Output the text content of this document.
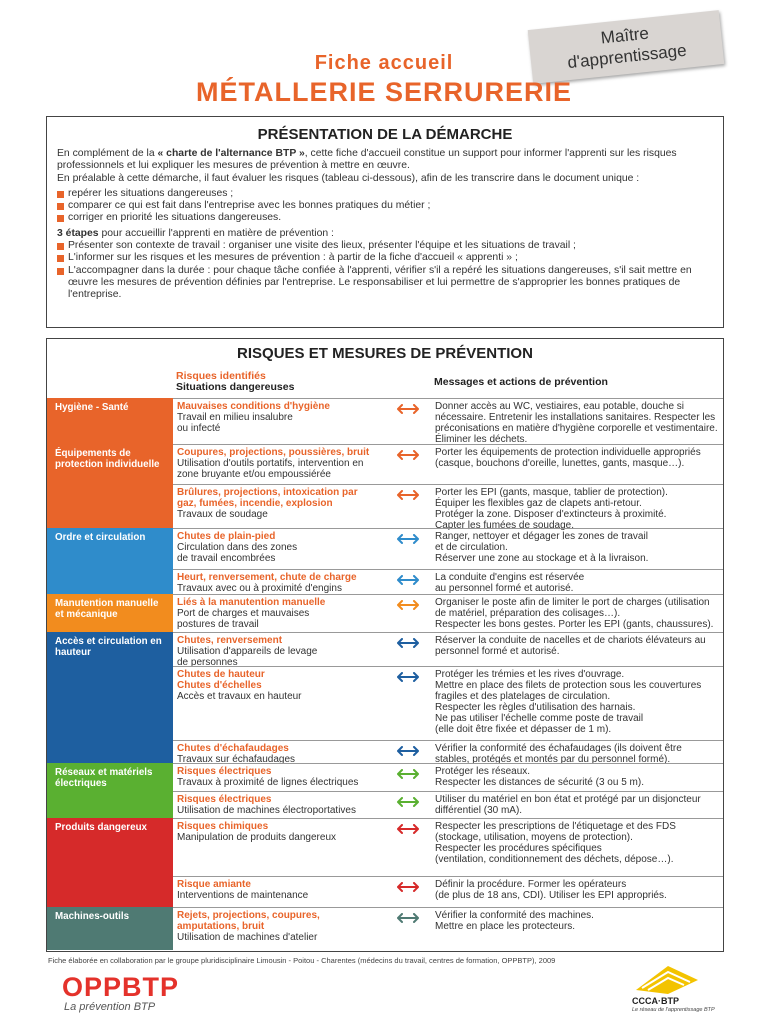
Maître
d'apprentissage
Fiche accueil
MÉTALLERIE SERRURERIE
PRÉSENTATION DE LA DÉMARCHE
En complément de la « charte de l'alternance BTP », cette fiche d'accueil constitue un support pour informer l'apprenti sur les risques professionnels et lui expliquer les mesures de prévention à mettre en œuvre.
En préalable à cette démarche, il faut évaluer les risques (tableau ci-dessous), afin de les transcrire dans le document unique :
repérer les situations dangereuses ;
comparer ce qui est fait dans l'entreprise avec les bonnes pratiques du métier ;
corriger en priorité les situations dangereuses.
3 étapes pour accueillir l'apprenti en matière de prévention :
Présenter son contexte de travail : organiser une visite des lieux, présenter l'équipe et les situations de travail ;
L'informer sur les risques et les mesures de prévention : à partir de la fiche d'accueil « apprenti » ;
L'accompagner dans la durée : pour chaque tâche confiée à l'apprenti, vérifier s'il a repéré les situations dangereuses, s'il sait mettre en œuvre les mesures de prévention définies par l'entreprise. Le responsabiliser et lui permettre de s'approprier les bonnes pratiques de l'entreprise.
RISQUES ET MESURES DE PRÉVENTION
Risques identifiés
Situations dangereuses	Messages et actions de prévention
Hygiène - Santé
Équipements de protection individuelle
Ordre et circulation
Manutention manuelle et mécanique
Accès et circulation en hauteur
Réseaux et matériels électriques
Produits dangereux
Machines-outils
Mauvaises conditions d'hygiène
Travail en milieu insalubre
ou infecté
Donner accès au WC, vestiaires, eau potable, douche si nécessaire. Entretenir les installations sanitaires. Respecter les préconisations en matière d'hygiène corporelle et vestimentaire. Éliminer les déchets.
Coupures, projections, poussières, bruit
Utilisation d'outils portatifs, intervention en zone bruyante et/ou empoussiérée
Porter les équipements de protection individuelle appropriés (casque, bouchons d'oreille, lunettes, gants, masque…).
Brûlures, projections, intoxication par gaz, fumées, incendie, explosion
Travaux de soudage
Porter les EPI (gants, masque, tablier de protection).
Équiper les flexibles gaz de clapets anti-retour.
Protéger la zone. Disposer d'extincteurs à proximité.
Capter les fumées de soudage.
Chutes de plain-pied
Circulation dans des zones
de travail encombrées
Ranger, nettoyer et dégager les zones de travail
et de circulation.
Réserver une zone au stockage et à la livraison.
Heurt, renversement, chute de charge
Travaux avec ou à proximité d'engins
La conduite d'engins est réservée
au personnel formé et autorisé.
Liés à la manutention manuelle
Port de charges et mauvaises
postures de travail
Organiser le poste afin de limiter le port de charges (utilisation de matériel, préparation des colisages…).
Respecter les bons gestes. Porter les EPI (gants, chaussures).
Chutes, renversement
Utilisation d'appareils de levage
de personnes
Réserver la conduite de nacelles et de chariots élévateurs au personnel formé et autorisé.
Chutes de hauteur
Chutes d'échelles
Accès et travaux en hauteur
Protéger les trémies et les rives d'ouvrage.
Mettre en place des filets de protection sous les couvertures fragiles et des platelages de circulation.
Respecter les règles d'utilisation des harnais.
Ne pas utiliser l'échelle comme poste de travail
(elle doit être fixée et dépasser de 1 m).
Chutes d'échafaudages
Travaux sur échafaudages
Vérifier la conformité des échafaudages (ils doivent être stables, protégés et montés par du personnel formé).
Risques électriques
Travaux à proximité de lignes électriques
Protéger les réseaux.
Respecter les distances de sécurité (3 ou 5 m).
Risques électriques
Utilisation de machines électroportatives
Utiliser du matériel en bon état et protégé par un disjoncteur différentiel (30 mA).
Risques chimiques
Manipulation de produits dangereux
Respecter les prescriptions de l'étiquetage et des FDS (stockage, utilisation, moyens de protection).
Respecter les procédures spécifiques
(ventilation, conditionnement des déchets, dépose…).
Risque amiante
Interventions de maintenance
Définir la procédure. Former les opérateurs
(de plus de 18 ans, CDI). Utiliser les EPI appropriés.
Rejets, projections, coupures,
amputations, bruit
Utilisation de machines d'atelier
Vérifier la conformité des machines.
Mettre en place les protecteurs.
Fiche élaborée en collaboration par le groupe pluridisciplinaire Limousin - Poitou - Charentes (médecins du travail, centres de formation, OPPBTP), 2009
OPPBTP
La prévention BTP	CCCA·BTP
Le réseau de l'apprentissage BTP
